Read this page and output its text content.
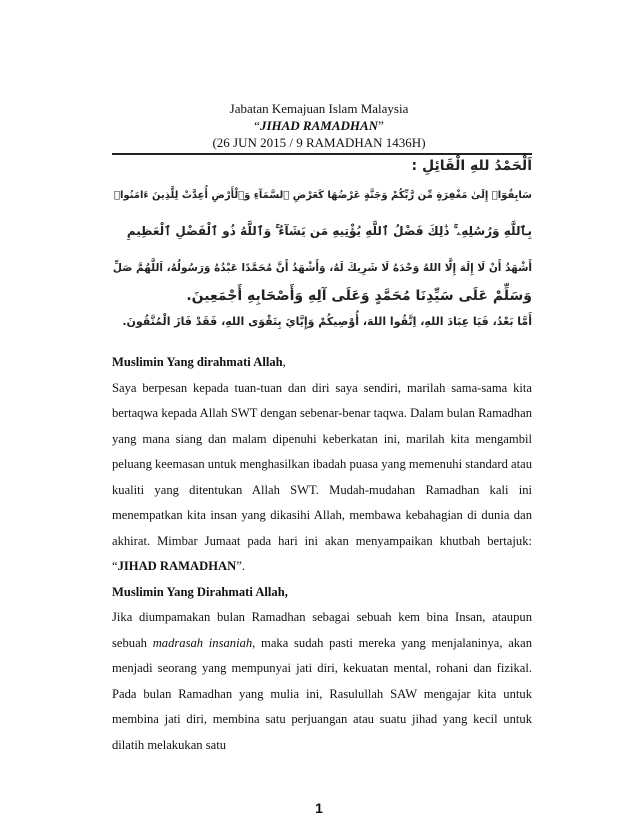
Jabatan Kemajuan Islam Malaysia
“JIHAD RAMADHAN”
(26 JUN 2015 / 9 RAMADHAN 1436H)
اَلْحَمْدُ للهِ الْقَائِلِ :
سَابِقُوٓا۟ إِلَىٰ مَغْفِرَةٍ مِّن رَّبِّكُمْ وَجَنَّةٍ عَرْضُهَا كَعَرْضِ ٱلسَّمَآءِ وَٱلْأَرْضِ أُعِدَّتْ لِلَّذِينَ ءَامَنُوا۟
بِٱللَّهِ وَرُسُلِهِۦ ۚ ذَٰلِكَ فَضْلُ ٱللَّهِ يُؤْتِيهِ مَن يَشَآءُ ۚ وَٱللَّهُ ذُو ٱلْفَضْلِ ٱلْعَظِيمِ
أَشْهَدُ أَنْ لَا إِلَهَ إِلَّا اللهُ وَحْدَهُ لَا شَرِيكَ لَهُ، وَأَشْهَدُ أَنَّ مُحَمَّدًا عَبْدُهُ وَرَسُولُهُ، اَللَّهُمَّ صَلِّ
وَسَلِّمْ عَلَى سَيِّدِنَا مُحَمَّدٍ وَعَلَى آلِهِ وَأَصْحَابِهِ أَجْمَعِينَ.
أَمَّا بَعْدُ، فَيَا عِبَادَ اللهِ، اِتَّقُوا اللهَ، أُوْصِيكُمْ وَإِيَّايَ بِتَقْوَى اللهِ، فَقَدْ فَازَ الْمُتَّقُونَ.

Muslimin Yang dirahmati Allah,

Saya berpesan kepada tuan-tuan dan diri saya sendiri, marilah sama-sama kita bertaqwa kepada Allah SWT dengan sebenar-benar taqwa. Dalam bulan Ramadhan yang mana siang dan malam dipenuhi keberkatan ini, marilah kita mengambil peluang keemasan untuk menghasilkan ibadah puasa yang memenuhi standard atau kualiti yang ditentukan Allah SWT. Mudah-mudahan Ramadhan kali ini menempatkan kita insan yang dikasihi Allah, membawa kebahagian di dunia dan akhirat. Mimbar Jumaat pada hari ini akan menyampaikan khutbah bertajuk: “JIHAD RAMADHAN”.

Muslimin Yang Dirahmati Allah,

Jika diumpamakan bulan Ramadhan sebagai sebuah kem bina Insan, ataupun sebuah madrasah insaniah, maka sudah pasti mereka yang menjalaninya, akan menjadi seorang yang mempunyai jati diri, kekuatan mental, rohani dan fizikal. Pada bulan Ramadhan yang mulia ini, Rasulullah SAW mengajar kita untuk membina jati diri, membina satu perjuangan atau suatu jihad yang kecil untuk dilatih melakukan satu

1
